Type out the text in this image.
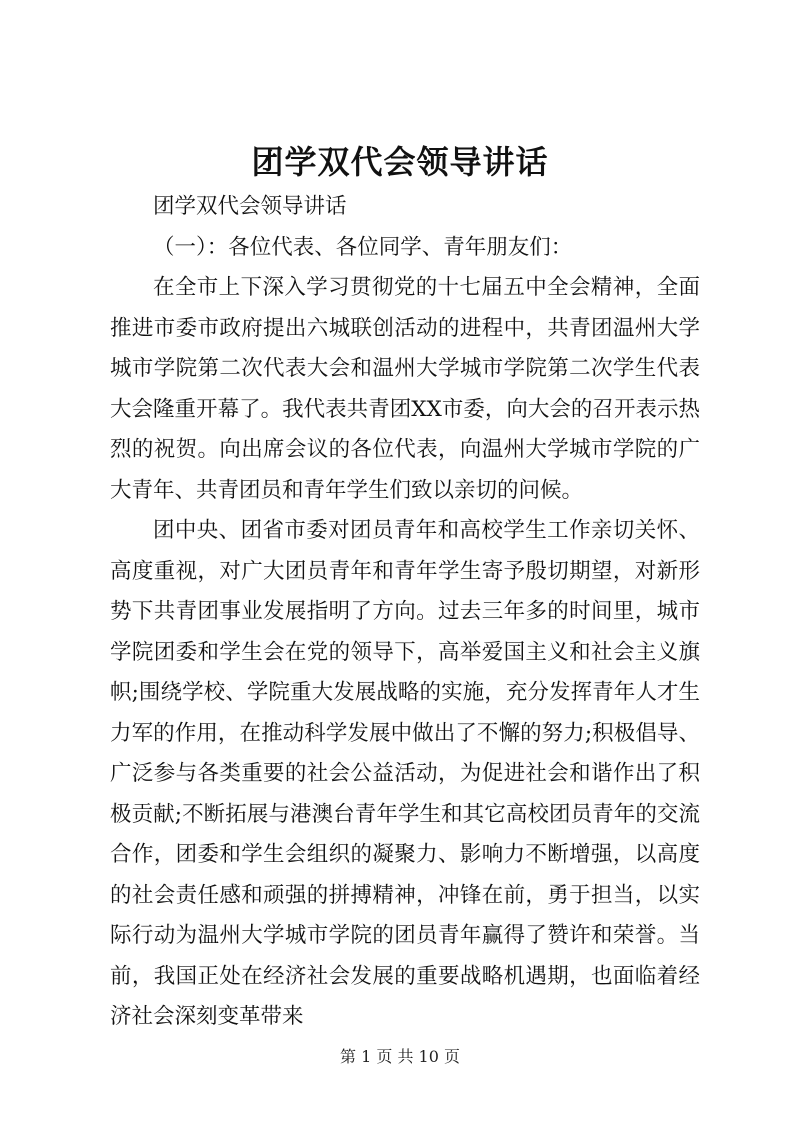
团学双代会领导讲话

团学双代会领导讲话

（一）：各位代表、各位同学、青年朋友们：

在全市上下深入学习贯彻党的十七届五中全会精神，全面推进市委市政府提出六城联创活动的进程中，共青团温州大学城市学院第二次代表大会和温州大学城市学院第二次学生代表大会隆重开幕了。我代表共青团XX市委，向大会的召开表示热烈的祝贺。向出席会议的各位代表，向温州大学城市学院的广大青年、共青团员和青年学生们致以亲切的问候。

团中央、团省市委对团员青年和高校学生工作亲切关怀、高度重视，对广大团员青年和青年学生寄予殷切期望，对新形势下共青团事业发展指明了方向。过去三年多的时间里，城市学院团委和学生会在党的领导下，高举爱国主义和社会主义旗帜;围绕学校、学院重大发展战略的实施，充分发挥青年人才生力军的作用，在推动科学发展中做出了不懈的努力;积极倡导、广泛参与各类重要的社会公益活动，为促进社会和谐作出了积极贡献;不断拓展与港澳台青年学生和其它高校团员青年的交流合作，团委和学生会组织的凝聚力、影响力不断增强，以高度的社会责任感和顽强的拼搏精神，冲锋在前，勇于担当，以实际行动为温州大学城市学院的团员青年赢得了赞许和荣誉。当前，我国正处在经济社会发展的重要战略机遇期，也面临着经济社会深刻变革带来

第 1 页 共 10 页
